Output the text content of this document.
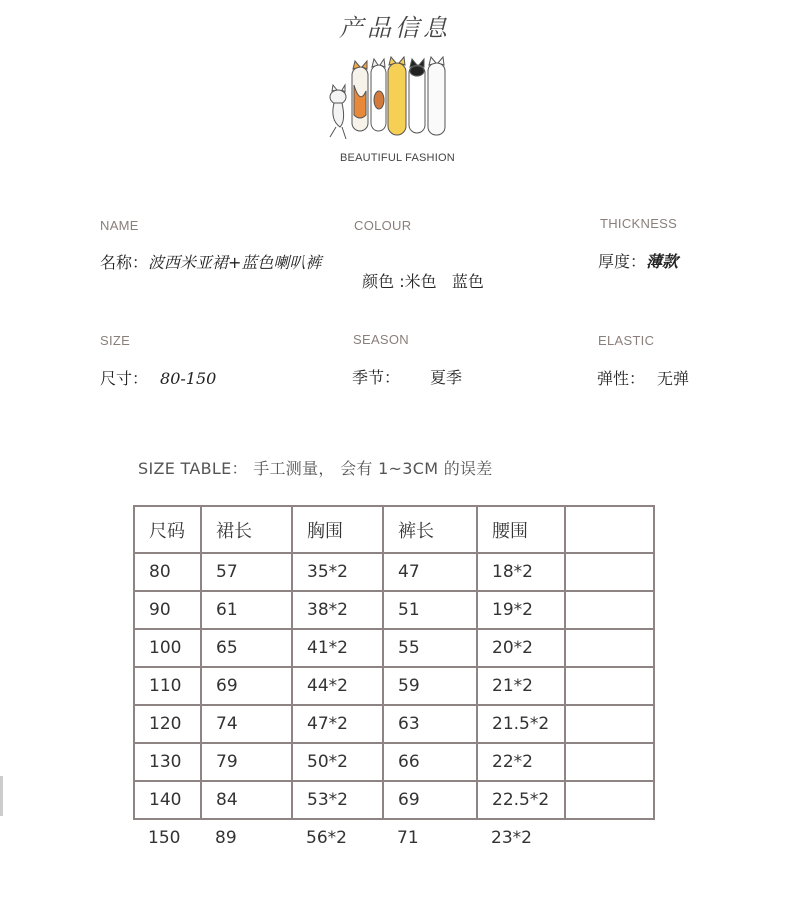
产品信息
BEAUTIFUL FASHION
NAME
名称：波西米亚裙+蓝色喇叭裤
COLOUR

颜色 :米色   蓝色

THICKNESS
厚度：薄款
SIZE
尺寸： 80-150
SEASON
季节： 夏季
ELASTIC
弹性： 无弹
SIZE TABLE： 手工测量， 会有 1~3CM 的误差
尺码	裙长	胸围	裤长	腰围	
80	57	35*2	47	18*2	
90	61	38*2	51	19*2	
100	65	41*2	55	20*2	
110	69	44*2	59	21*2	
120	74	47*2	63	21.5*2	
130	79	50*2	66	22*2	
140	84	53*2	69	22.5*2	
150	89	56*2	71	23*2	
